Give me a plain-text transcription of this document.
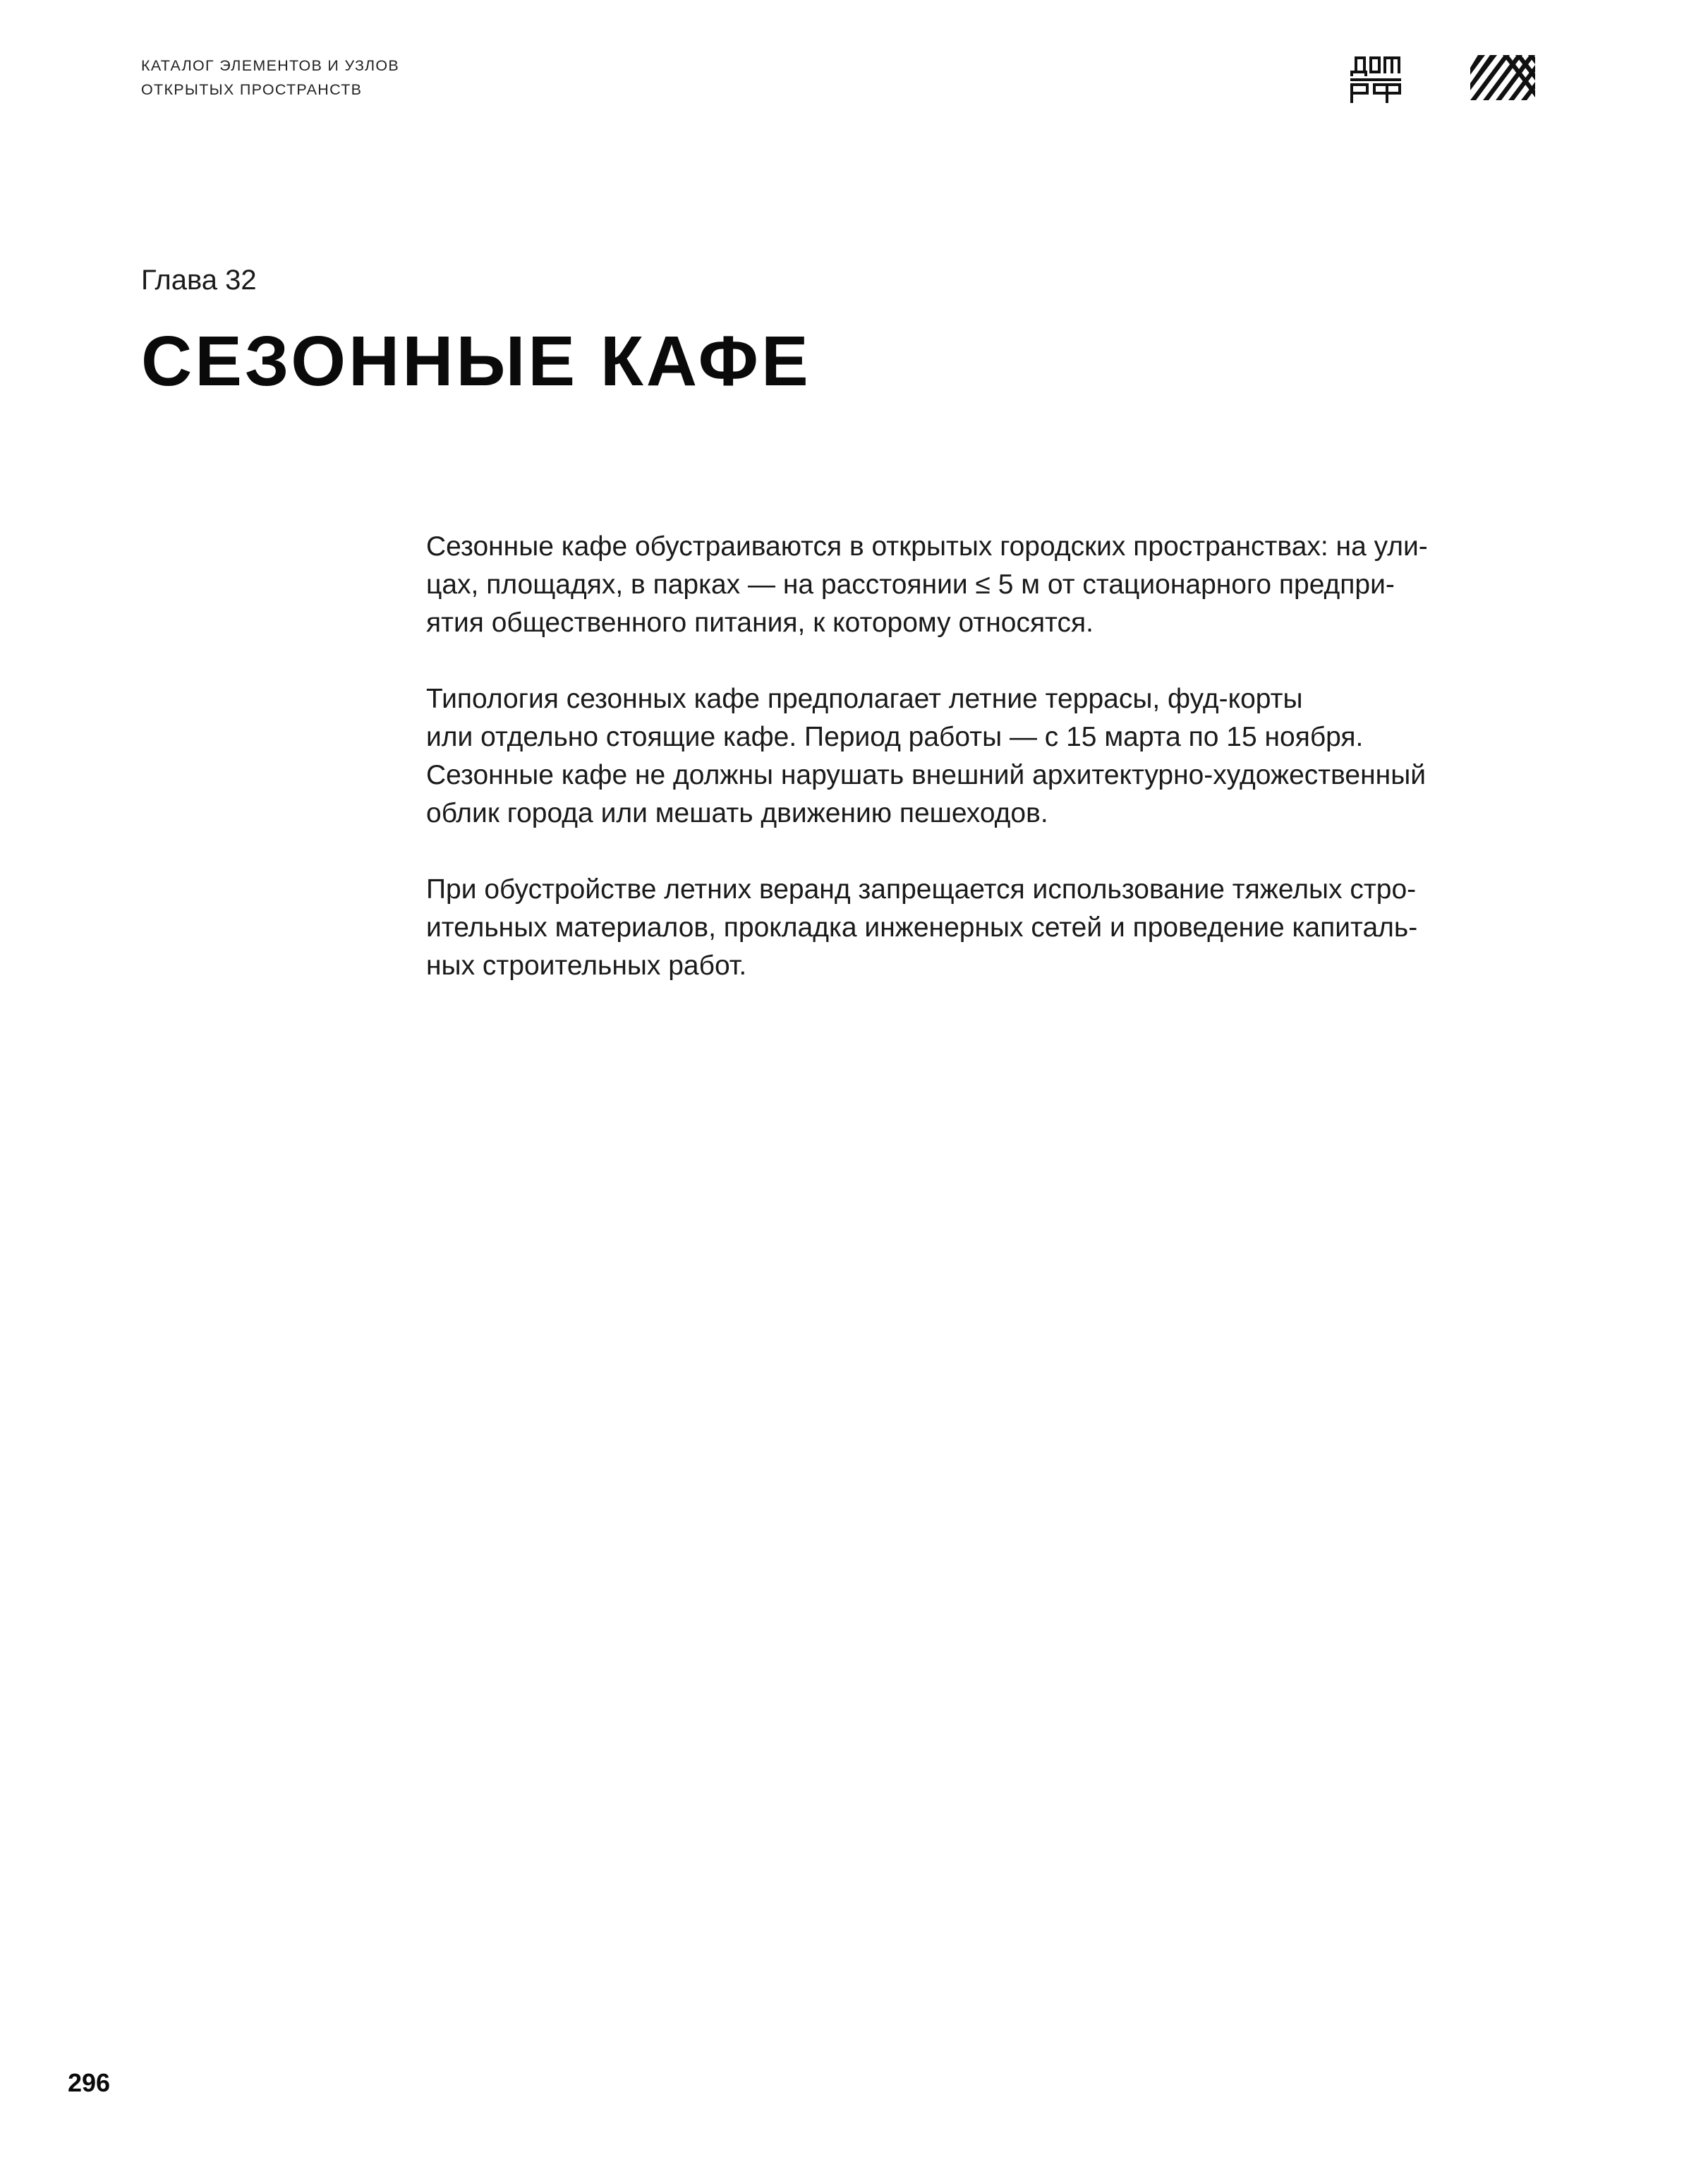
КАТАЛОГ ЭЛЕМЕНТОВ И УЗЛОВ
ОТКРЫТЫХ ПРОСТРАНСТВ
Глава 32
СЕЗОННЫЕ КАФЕ

Сезонные кафе обустраиваются в открытых городских пространствах: на ули-
цах, площадях, в парках — на расстоянии ≤ 5 м от стационарного предпри-
ятия общественного питания, к которому относятся.

Типология сезонных кафе предполагает летние террасы, фуд-корты
или отдельно стоящие кафе. Период работы — с 15 марта по 15 ноября.
Сезонные кафе не должны нарушать внешний архитектурно-художественный
облик города или мешать движению пешеходов.

При обустройстве летних веранд запрещается использование тяжелых стро-
ительных материалов, прокладка инженерных сетей и проведение капиталь-
ных строительных работ.

296
